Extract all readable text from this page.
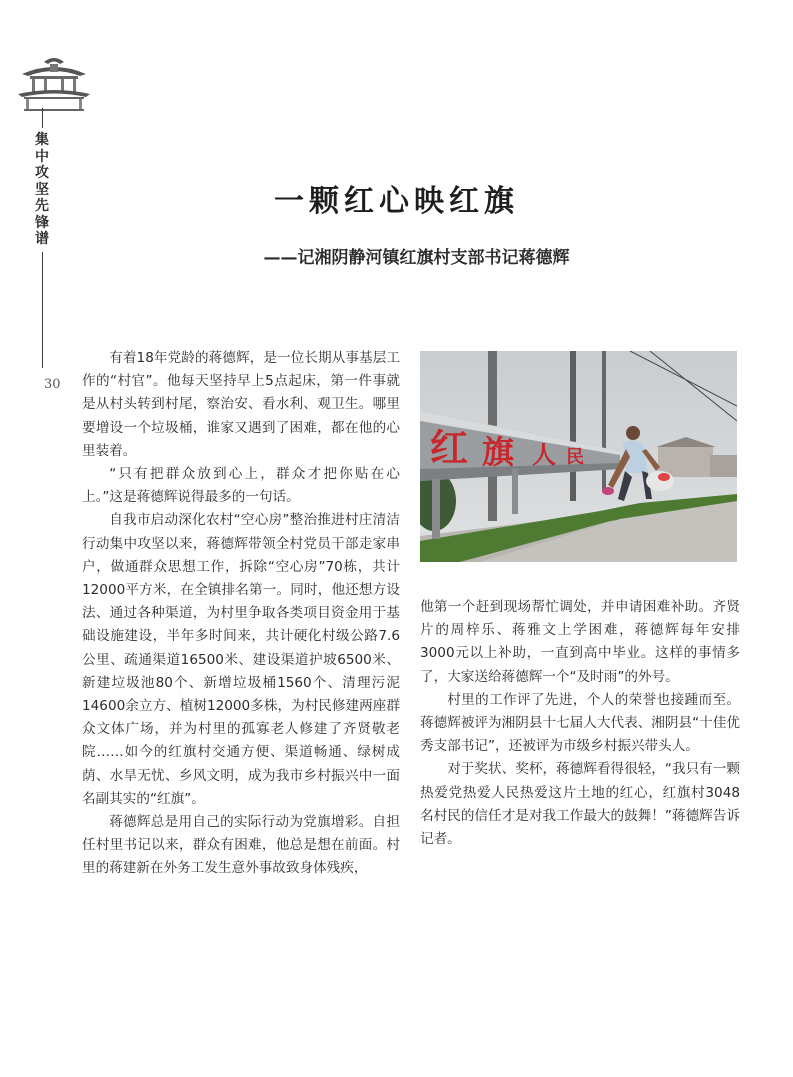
集
中
攻
坚
先
锋
谱
30
一颗红心映红旗
——记湘阴静河镇红旗村支部书记蒋德辉

有着18年党龄的蒋德辉，是一位长期从事基层工作的“村官”。他每天坚持早上5点起床，第一件事就是从村头转到村尾，察治安、看水利、观卫生。哪里要增设一个垃圾桶，谁家又遇到了困难，都在他的心里装着。

“只有把群众放到心上，群众才把你贴在心上。”这是蒋德辉说得最多的一句话。

自我市启动深化农村“空心房”整治推进村庄清洁行动集中攻坚以来，蒋德辉带领全村党员干部走家串户，做通群众思想工作，拆除“空心房”70栋，共计12000平方米，在全镇排名第一。同时，他还想方设法、通过各种渠道，为村里争取各类项目资金用于基础设施建设，半年多时间来，共计硬化村级公路7.6公里、疏通渠道16500米、建设渠道护坡6500米、新建垃圾池80个、新增垃圾桶1560个、清理污泥14600余立方、植树12000多株，为村民修建两座群众文体广场，并为村里的孤寡老人修建了齐贤敬老院……如今的红旗村交通方便、渠道畅通、绿树成荫、水旱无忧、乡风文明，成为我市乡村振兴中一面名副其实的“红旗”。

蒋德辉总是用自己的实际行动为党旗增彩。自担任村里书记以来，群众有困难，他总是想在前面。村里的蒋建新在外务工发生意外事故致身体残疾，

红 旗 人 民

他第一个赶到现场帮忙调处，并申请困难补助。齐贤片的周梓乐、蒋雅文上学困难，蒋德辉每年安排3000元以上补助，一直到高中毕业。这样的事情多了，大家送给蒋德辉一个“及时雨”的外号。

村里的工作评了先进，个人的荣誉也接踵而至。蒋德辉被评为湘阴县十七届人大代表、湘阴县“十佳优秀支部书记”，还被评为市级乡村振兴带头人。

对于奖状、奖杯，蒋德辉看得很轻，“我只有一颗热爱党热爱人民热爱这片土地的红心，红旗村3048名村民的信任才是对我工作最大的鼓舞！”蒋德辉告诉记者。
